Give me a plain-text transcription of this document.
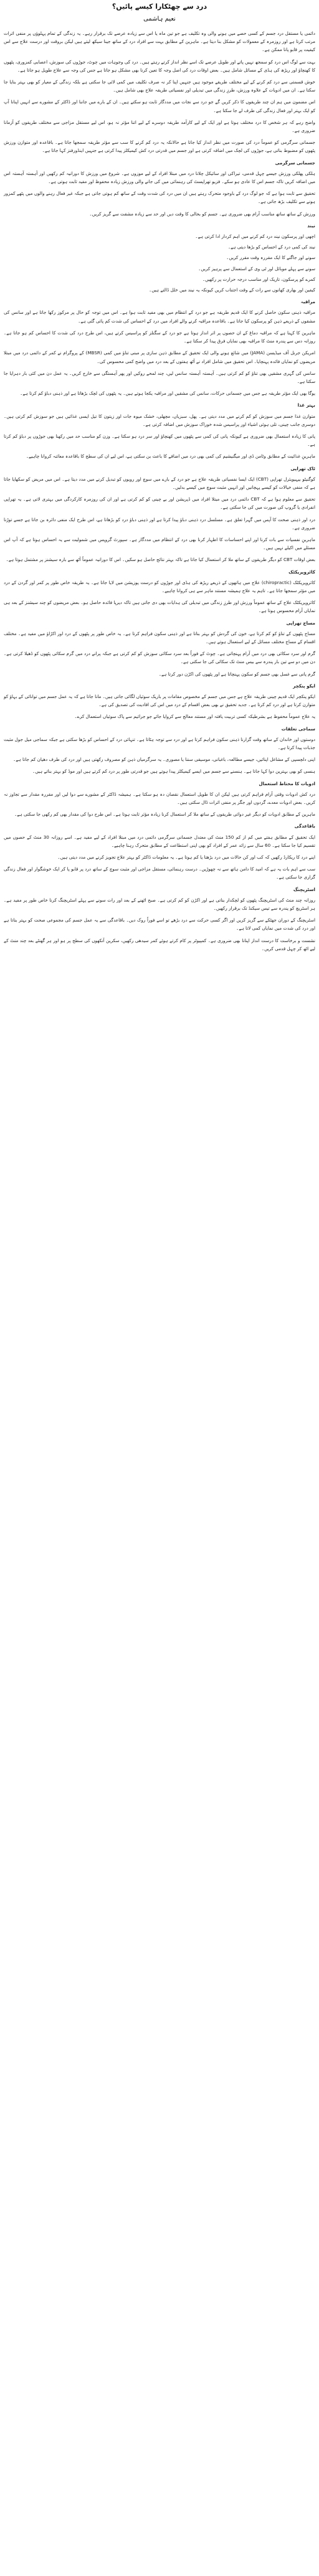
درد سے چھٹکارا کیسے پائیں؟
نعیم ہاشمی

دائمی یا مستقل درد جسم کے کسی حصے میں ہونے والی وہ تکلیف ہے جو تین ماہ یا اس سے زیادہ عرصے تک برقرار رہے۔ یہ زندگی کے تمام پہلوؤں پر منفی اثرات مرتب کرتا ہے اور روزمرہ کے معمولات کو مشکل بنا دیتا ہے۔ ماہرین کے مطابق بہت سے افراد درد کے ساتھ جینا سیکھ لیتے ہیں لیکن بروقت اور درست علاج سے اس کیفیت پر قابو پانا ممکن ہے۔

بہت سے لوگ اس درد کو سمجھ نہیں پاتے اور طویل عرصے تک اسے نظر انداز کرتے رہتے ہیں۔ درد کی وجوہات میں چوٹ، جوڑوں کی سوزش، اعصابی کمزوری، پٹھوں کا کھنچاؤ اور ریڑھ کی ہڈی کے مسائل شامل ہیں۔ بعض اوقات درد کی اصل وجہ کا تعین کرنا بھی مشکل ہو جاتا ہے جس کی وجہ سے علاج طویل ہو جاتا ہے۔

خوش قسمتی سے درد کم کرنے کے لیے مختلف طریقے موجود ہیں جنہیں اپنا کر نہ صرف تکلیف میں کمی لائی جا سکتی ہے بلکہ زندگی کے معیار کو بھی بہتر بنایا جا سکتا ہے۔ ان میں ادویات کے علاوہ ورزش، طرزِ زندگی میں تبدیلی اور نفسیاتی طریقہ علاج بھی شامل ہیں۔

اس مضمون میں ہم ان چند طریقوں کا ذکر کریں گے جو درد سے نجات میں مددگار ثابت ہو سکتے ہیں۔ ان کے بارے میں جاننا اور ڈاکٹر کے مشورے سے انہیں اپنانا آپ کو ایک بہتر اور فعال زندگی کی طرف لے جا سکتا ہے۔

واضح رہے کہ ہر شخص کا درد مختلف ہوتا ہے اور ایک کے لیے کارآمد طریقہ دوسرے کے لیے اتنا مؤثر نہ ہو، اس لیے مستقل مزاجی سے مختلف طریقوں کو آزمانا ضروری ہے۔

جسمانی سرگرمی کو عموماً درد کی صورت میں نظر انداز کیا جاتا ہے حالانکہ یہ درد کم کرنے کا سب سے مؤثر طریقہ سمجھا جاتا ہے۔ باقاعدہ اور متوازن ورزش پٹھوں کو مضبوط بناتی ہے، جوڑوں کی لچک میں اضافہ کرتی ہے اور جسم میں قدرتی درد کش کیمیکلز پیدا کرتی ہے جنہیں اینڈورفنز کہا جاتا ہے۔

جسمانی سرگرمی

ہلکی پھلکی ورزش جیسے چہل قدمی، تیراکی اور سائیکل چلانا درد میں مبتلا افراد کے لیے موزوں ہے۔ شروع میں ورزش کا دورانیہ کم رکھیں اور آہستہ آہستہ اس میں اضافہ کریں تاکہ جسم اس کا عادی ہو سکے۔ فزیو تھراپسٹ کی رہنمائی میں کی جانے والی ورزش زیادہ محفوظ اور مفید ثابت ہوتی ہے۔

تحقیق سے ثابت ہوا ہے کہ جو لوگ درد کے باوجود متحرک رہتے ہیں ان میں درد کی شدت وقت کے ساتھ کم ہوتی جاتی ہے جبکہ غیر فعال رہنے والوں میں پٹھے کمزور ہونے سے تکلیف بڑھ جاتی ہے۔

ورزش کے ساتھ ساتھ مناسب آرام بھی ضروری ہے۔ جسم کو بحالی کا وقت دیں اور حد سے زیادہ مشقت سے گریز کریں۔

نیند

اچھی اور پرسکون نیند درد کم کرنے میں اہم کردار ادا کرتی ہے۔

نیند کی کمی درد کے احساس کو بڑھا دیتی ہے۔

سونے اور جاگنے کا ایک مقررہ وقت مقرر کریں۔

سونے سے پہلے موبائل اور ٹی وی کے استعمال سے پرہیز کریں۔

کمرے کو پرسکون، تاریک اور مناسب درجہ حرارت پر رکھیں۔

کیفین اور بھاری کھانوں سے رات کے وقت اجتناب کریں کیونکہ یہ نیند میں خلل ڈالتے ہیں۔

مراقبہ

مراقبہ ذہنی سکون حاصل کرنے کا ایک قدیم طریقہ ہے جو درد کے انتظام میں بھی مفید ثابت ہوا ہے۔ اس میں توجہ کو حال پر مرکوز رکھا جاتا ہے اور سانس کی مشقوں کے ذریعے ذہن کو پرسکون کیا جاتا ہے۔ باقاعدہ مراقبہ کرنے والے افراد میں درد کے احساس کی شدت کم پائی گئی ہے۔

ماہرین کا کہنا ہے کہ مراقبہ دماغ کے ان حصوں پر اثر انداز ہوتا ہے جو درد کے سگنلز کو پراسیس کرتے ہیں، اس طرح درد کی شدت کا احساس کم ہو جاتا ہے۔ روزانہ دس سے پندرہ منٹ کا مراقبہ بھی نمایاں فرق پیدا کر سکتا ہے۔

امریکن جرنل آف میڈیسن (JAMA) میں شائع ہونے والی ایک تحقیق کے مطابق ذہن سازی پر مبنی تناؤ میں کمی (MBSR) کے پروگرام نے کمر کے دائمی درد میں مبتلا مریضوں کو نمایاں فائدہ پہنچایا۔ اس تحقیق میں شامل افراد نے آٹھ ہفتوں کے بعد درد میں واضح کمی محسوس کی۔

سانس کی گہری مشقیں بھی تناؤ کو کم کرتی ہیں۔ آہستہ آہستہ سانس لیں، چند لمحے روکیں اور پھر آہستگی سے خارج کریں۔ یہ عمل دن میں کئی بار دہرایا جا سکتا ہے۔

یوگا بھی ایک مؤثر طریقہ ہے جس میں جسمانی حرکات، سانس کی مشقیں اور مراقبہ یکجا ہوتے ہیں۔ یہ پٹھوں کی لچک بڑھاتا ہے اور ذہنی دباؤ کم کرتا ہے۔

بہتر غذا

متوازن غذا جسم میں سوزش کو کم کرنے میں مدد دیتی ہے۔ پھل، سبزیاں، مچھلی، خشک میوہ جات اور زیتون کا تیل ایسی غذائیں ہیں جو سوزش کم کرتی ہیں۔ دوسری جانب چینی، تلی ہوئی اشیاء اور پراسیس شدہ خوراک سوزش میں اضافہ کرتی ہے۔

پانی کا زیادہ استعمال بھی ضروری ہے کیونکہ پانی کی کمی سے پٹھوں میں کھنچاؤ اور سر درد ہو سکتا ہے۔ وزن کو مناسب حد میں رکھنا بھی جوڑوں پر دباؤ کم کرتا ہے۔

ماہرینِ غذائیت کے مطابق وٹامن ڈی اور میگنیشیم کی کمی بھی درد میں اضافے کا باعث بن سکتی ہے، اس لیے ان کی سطح کا باقاعدہ معائنہ کروانا چاہیے۔

ٹاک تھراپی

کوگنیٹو بیہیویئرل تھراپی (CBT) ایک ایسا نفسیاتی طریقہ علاج ہے جو درد کے بارے میں سوچ اور رویوں کو تبدیل کرنے میں مدد دیتا ہے۔ اس میں مریض کو سکھایا جاتا ہے کہ منفی خیالات کو کیسے پہچانیں اور انہیں مثبت سوچ میں کیسے بدلیں۔

تحقیق سے معلوم ہوا ہے کہ CBT دائمی درد میں مبتلا افراد میں ڈپریشن اور بے چینی کو کم کرتی ہے اور ان کی روزمرہ کارکردگی میں بہتری لاتی ہے۔ یہ تھراپی انفرادی یا گروپ کی صورت میں کی جا سکتی ہے۔

درد اور ذہنی صحت کا آپس میں گہرا تعلق ہے۔ مسلسل درد ذہنی دباؤ پیدا کرتا ہے اور ذہنی دباؤ درد کو بڑھاتا ہے، اس طرح ایک منفی دائرہ بن جاتا ہے جسے توڑنا ضروری ہے۔

ماہرینِ نفسیات سے بات کرنا اور اپنے احساسات کا اظہار کرنا بھی درد کے انتظام میں مددگار ہے۔ سپورٹ گروپس میں شمولیت سے یہ احساس ہوتا ہے کہ آپ اس مسئلے میں اکیلے نہیں ہیں۔

بعض اوقات CBT کو دیگر طریقوں کے ساتھ ملا کر استعمال کیا جاتا ہے تاکہ بہتر نتائج حاصل ہو سکیں۔ اس کا دورانیہ عموماً آٹھ سے بارہ سیشنز پر مشتمل ہوتا ہے۔

کائروپریکٹک

کائروپریکٹک (chiropractic) علاج میں ہاتھوں کے ذریعے ریڑھ کی ہڈی اور جوڑوں کو درست پوزیشن میں لایا جاتا ہے۔ یہ طریقہ خاص طور پر کمر اور گردن کے درد میں مؤثر سمجھا جاتا ہے۔ تاہم یہ علاج ہمیشہ مستند ماہر سے ہی کروانا چاہیے۔

کائروپریکٹک علاج کے ساتھ عموماً ورزش اور طرزِ زندگی میں تبدیلی کی ہدایات بھی دی جاتی ہیں تاکہ دیرپا فائدہ حاصل ہو۔ بعض مریضوں کو چند سیشنز کے بعد ہی نمایاں آرام محسوس ہوتا ہے۔

مساج تھراپی

مساج پٹھوں کے تناؤ کو کم کرتا ہے، خون کی گردش کو بہتر بناتا ہے اور ذہنی سکون فراہم کرتا ہے۔ یہ خاص طور پر پٹھوں کے درد اور اکڑاؤ میں مفید ہے۔ مختلف اقسام کے مساج مختلف مسائل کے لیے استعمال ہوتے ہیں۔

گرم اور سرد سکائی بھی درد میں آرام پہنچاتی ہے۔ چوٹ کے فوراً بعد سرد سکائی سوزش کو کم کرتی ہے جبکہ پرانے درد میں گرم سکائی پٹھوں کو ڈھیلا کرتی ہے۔ دن میں دو سے تین بار پندرہ سے بیس منٹ تک سکائی کی جا سکتی ہے۔

گرم پانی سے غسل بھی جسم کو سکون پہنچاتا ہے اور پٹھوں کی اکڑن دور کرتا ہے۔

ایکو پنکچر

ایکو پنکچر ایک قدیم چینی طریقہ علاج ہے جس میں جسم کے مخصوص مقامات پر باریک سوئیاں لگائی جاتی ہیں۔ مانا جاتا ہے کہ یہ عمل جسم میں توانائی کے بہاؤ کو متوازن کرتا ہے اور درد کم کرتا ہے۔ جدید تحقیق نے بھی بعض اقسام کے درد میں اس کی افادیت کی تصدیق کی ہے۔

یہ علاج عموماً محفوظ ہے بشرطیکہ کسی تربیت یافتہ اور مستند معالج سے کروایا جائے جو جراثیم سے پاک سوئیاں استعمال کرے۔

سماجی تعلقات

دوستوں اور خاندان کے ساتھ وقت گزارنا ذہنی سکون فراہم کرتا ہے اور درد سے توجہ ہٹاتا ہے۔ تنہائی درد کے احساس کو بڑھا سکتی ہے جبکہ سماجی میل جول مثبت جذبات پیدا کرتا ہے۔

اپنی دلچسپی کے مشاغل اپنائیں، جیسے مطالعہ، باغبانی، موسیقی سننا یا مصوری۔ یہ سرگرمیاں ذہن کو مصروف رکھتی ہیں اور درد کی طرف دھیان کم جاتا ہے۔

ہنسی کو بھی بہترین دوا کہا جاتا ہے۔ ہنسنے سے جسم میں ایسے کیمیکلز پیدا ہوتے ہیں جو قدرتی طور پر درد کم کرتے ہیں اور موڈ کو بہتر بناتے ہیں۔

ادویات کا محتاط استعمال

درد کش ادویات وقتی آرام فراہم کرتی ہیں لیکن ان کا طویل استعمال نقصان دہ ہو سکتا ہے۔ ہمیشہ ڈاکٹر کے مشورے سے دوا لیں اور مقررہ مقدار سے تجاوز نہ کریں۔ بعض ادویات معدے، گردوں اور جگر پر منفی اثرات ڈال سکتی ہیں۔

ماہرین کے مطابق ادویات کو دیگر غیر دوائی طریقوں کے ساتھ ملا کر استعمال کرنا زیادہ مؤثر ثابت ہوتا ہے۔ اس طرح دوا کی مقدار بھی کم رکھی جا سکتی ہے۔

باقاعدگی

ایک تحقیق کے مطابق ہفتے میں کم از کم 150 منٹ کی معتدل جسمانی سرگرمی دائمی درد میں مبتلا افراد کے لیے مفید ہے۔ اسے روزانہ 30 منٹ کے حصوں میں تقسیم کیا جا سکتا ہے۔ 60 سال سے زائد عمر کے افراد کو بھی اپنی استطاعت کے مطابق متحرک رہنا چاہیے۔

اپنے درد کا ریکارڈ رکھیں کہ کب اور کن حالات میں درد بڑھتا یا کم ہوتا ہے۔ یہ معلومات ڈاکٹر کو بہتر علاج تجویز کرنے میں مدد دیتی ہیں۔

سب سے اہم بات یہ ہے کہ امید کا دامن ہاتھ سے نہ چھوڑیں۔ درست رہنمائی، مستقل مزاجی اور مثبت سوچ کے ساتھ درد پر قابو پا کر ایک خوشگوار اور فعال زندگی گزاری جا سکتی ہے۔

اسٹریچنگ

روزانہ چند منٹ کی اسٹریچنگ پٹھوں کو لچکدار بناتی ہے اور اکڑن کو کم کرتی ہے۔ صبح اٹھنے کے بعد اور رات سونے سے پہلے اسٹریچنگ کرنا خاص طور پر مفید ہے۔ ہر اسٹریچ کو پندرہ سے تیس سیکنڈ تک برقرار رکھیں۔

اسٹریچنگ کے دوران جھٹکے سے گریز کریں اور اگر کسی حرکت سے درد بڑھے تو اسے فوراً روک دیں۔ باقاعدگی سے یہ عمل جسم کی مجموعی صحت کو بہتر بناتا ہے اور درد کی شدت میں نمایاں کمی لاتا ہے۔

نشست و برخاست کا درست انداز اپنانا بھی ضروری ہے۔ کمپیوٹر پر کام کرتے ہوئے کمر سیدھی رکھیں، سکرین آنکھوں کی سطح پر ہو اور ہر گھنٹے بعد چند منٹ کے لیے اٹھ کر چہل قدمی کریں۔
